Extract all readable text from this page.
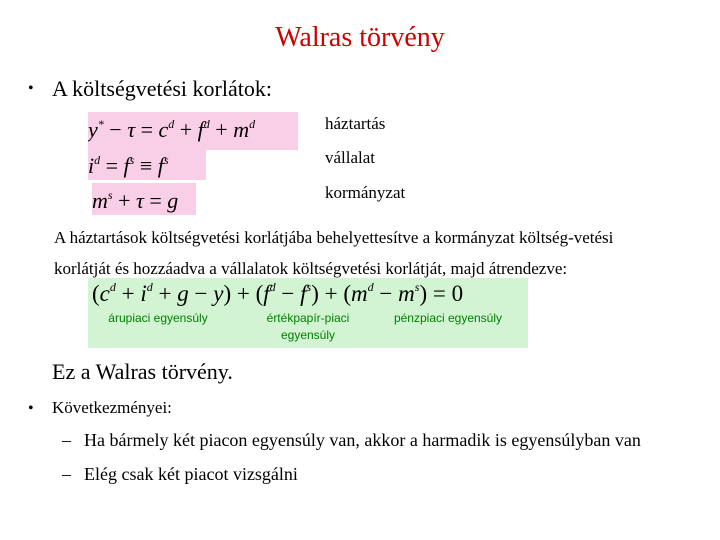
Walras törvény
• A költségvetési korlátok:
$y^* - \tau = c^d + f^d + m^d$
$i^d = f^s \equiv f^s$
$m^s + \tau = g$
háztartás
vállalat
kormányzat
A háztartások költségvetési korlátjába behelyettesítve a kormányzat költség-vetési
korlátját és hozzáadva a vállalatok költségvetési korlátját, majd átrendezve:
$(c^d + i^d + g - y) + (f^d - f^s) + (m^d - m^s) = 0$
árupiaci egyensúly	értékpapír-piaci
egyensúly
pénzpiaci egyensúly
Ez a Walras törvény.
• Következményei:
– Ha bármely két piacon egyensúly van, akkor a harmadik is egyensúlyban van
– Elég csak két piacot vizsgálni
